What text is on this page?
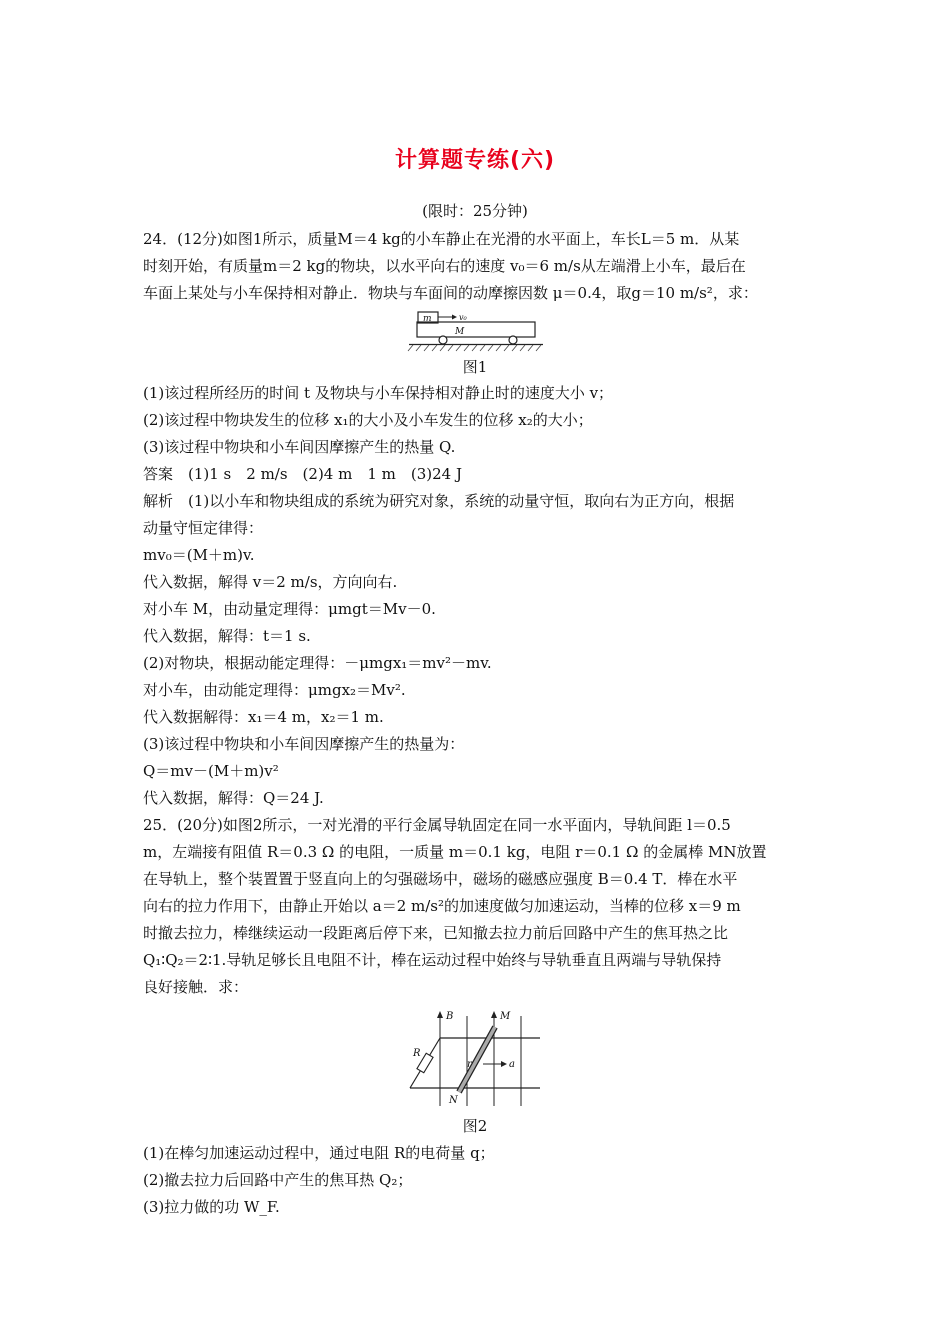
计算题专练(六)
(限时：25分钟)
24．(12分)如图1所示，质量M＝4 kg的小车静止在光滑的水平面上，车长L＝5 m．从某
时刻开始，有质量m＝2 kg的物块，以水平向右的速度 v₀＝6 m/s从左端滑上小车，最后在
车面上某处与小车保持相对静止．物块与车面间的动摩擦因数 μ＝0.4，取g＝10 m/s²，求：
m	v₀
M
图1
(1)该过程所经历的时间 t 及物块与小车保持相对静止时的速度大小 v；
(2)该过程中物块发生的位移 x₁的大小及小车发生的位移 x₂的大小；
(3)该过程中物块和小车间因摩擦产生的热量 Q.
答案　(1)1 s　2 m/s　(2)4 m　1 m　(3)24 J
解析　(1)以小车和物块组成的系统为研究对象，系统的动量守恒，取向右为正方向，根据
动量守恒定律得：
mv₀＝(M＋m)v.
代入数据，解得 v＝2 m/s，方向向右.
对小车 M，由动量定理得：μmgt＝Mv－0.
代入数据，解得：t＝1 s.
(2)对物块，根据动能定理得：－μmgx₁＝mv²－mv.
对小车，由动能定理得：μmgx₂＝Mv².
代入数据解得：x₁＝4 m，x₂＝1 m.
(3)该过程中物块和小车间因摩擦产生的热量为：
Q＝mv－(M＋m)v²
代入数据，解得：Q＝24 J.
25．(20分)如图2所示，一对光滑的平行金属导轨固定在同一水平面内，导轨间距 l＝0.5
m，左端接有阻值 R＝0.3 Ω 的电阻，一质量 m＝0.1 kg，电阻 r＝0.1 Ω 的金属棒 MN放置
在导轨上，整个装置置于竖直向上的匀强磁场中，磁场的磁感应强度 B＝0.4 T．棒在水平
向右的拉力作用下，由静止开始以 a＝2 m/s²的加速度做匀加速运动，当棒的位移 x＝9 m
时撤去拉力，棒继续运动一段距离后停下来，已知撤去拉力前后回路中产生的焦耳热之比
Q₁∶Q₂＝2∶1.导轨足够长且电阻不计，棒在运动过程中始终与导轨垂直且两端与导轨保持
良好接触．求：
B	M
R
r
N
a
图2
(1)在棒匀加速运动过程中，通过电阻 R的电荷量 q；
(2)撤去拉力后回路中产生的焦耳热 Q₂；
(3)拉力做的功 W_F.
